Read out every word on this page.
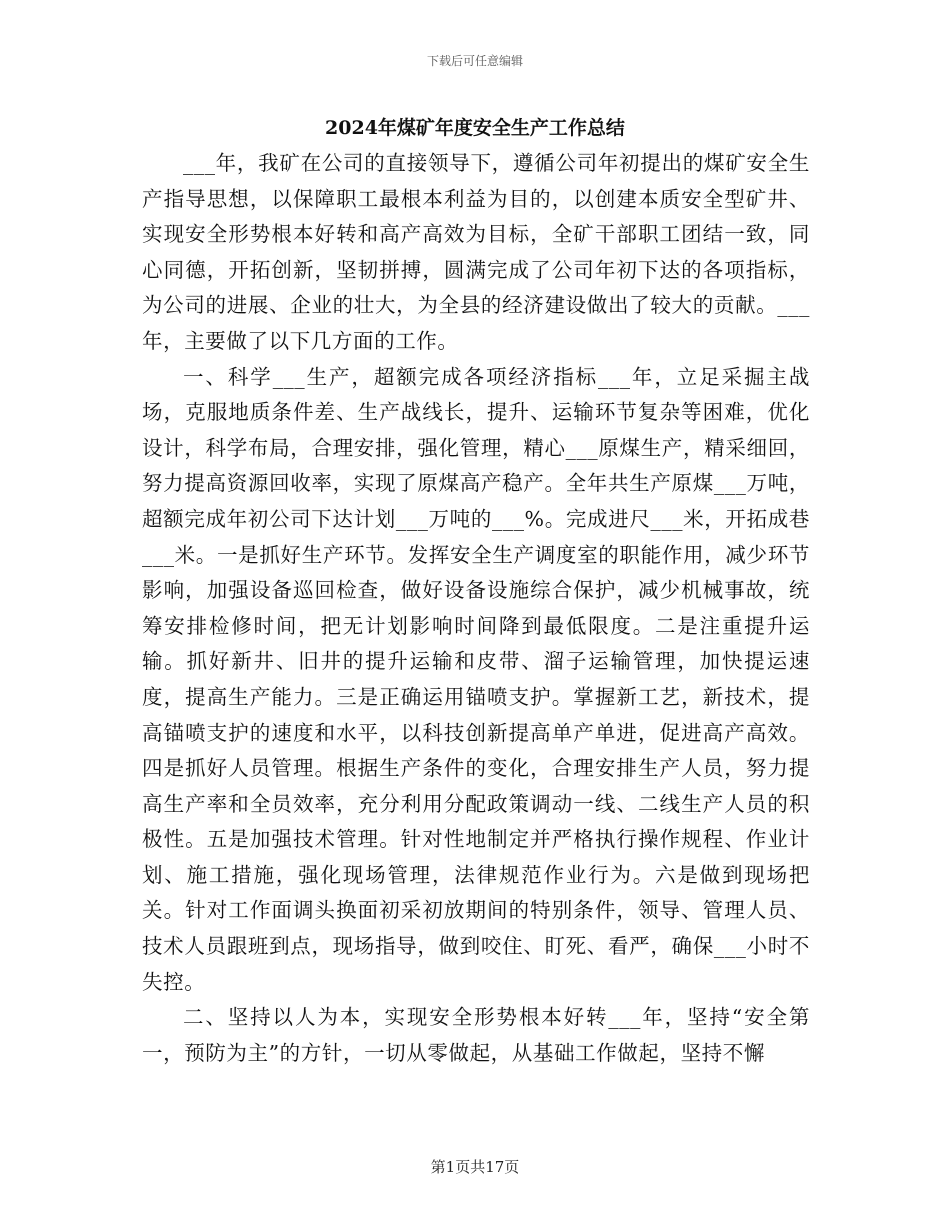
下载后可任意编辑
2024年煤矿年度安全生产工作总结

___年，我矿在公司的直接领导下，遵循公司年初提出的煤矿安全生产指导思想，以保障职工最根本利益为目的，以创建本质安全型矿井、实现安全形势根本好转和高产高效为目标，全矿干部职工团结一致，同心同德，开拓创新，坚韧拼搏，圆满完成了公司年初下达的各项指标，为公司的进展、企业的壮大，为全县的经济建设做出了较大的贡献。___年，主要做了以下几方面的工作。

一、科学___生产，超额完成各项经济指标___年，立足采掘主战场，克服地质条件差、生产战线长，提升、运输环节复杂等困难，优化设计，科学布局，合理安排，强化管理，精心___原煤生产，精采细回，努力提高资源回收率，实现了原煤高产稳产。全年共生产原煤___万吨，超额完成年初公司下达计划___万吨的___%。完成进尺___米，开拓成巷___米。一是抓好生产环节。发挥安全生产调度室的职能作用，减少环节影响，加强设备巡回检查，做好设备设施综合保护，减少机械事故，统筹安排检修时间，把无计划影响时间降到最低限度。二是注重提升运输。抓好新井、旧井的提升运输和皮带、溜子运输管理，加快提运速度，提高生产能力。三是正确运用锚喷支护。掌握新工艺，新技术，提高锚喷支护的速度和水平，以科技创新提高单产单进，促进高产高效。四是抓好人员管理。根据生产条件的变化，合理安排生产人员，努力提高生产率和全员效率，充分利用分配政策调动一线、二线生产人员的积极性。五是加强技术管理。针对性地制定并严格执行操作规程、作业计划、施工措施，强化现场管理，法律规范作业行为。六是做到现场把关。针对工作面调头换面初采初放期间的特别条件，领导、管理人员、技术人员跟班到点，现场指导，做到咬住、盯死、看严，确保___小时不失控。

二、坚持以人为本，实现安全形势根本好转___年，坚持“安全第一，预防为主”的方针，一切从零做起，从基础工作做起，坚持不懈

第1页共17页
